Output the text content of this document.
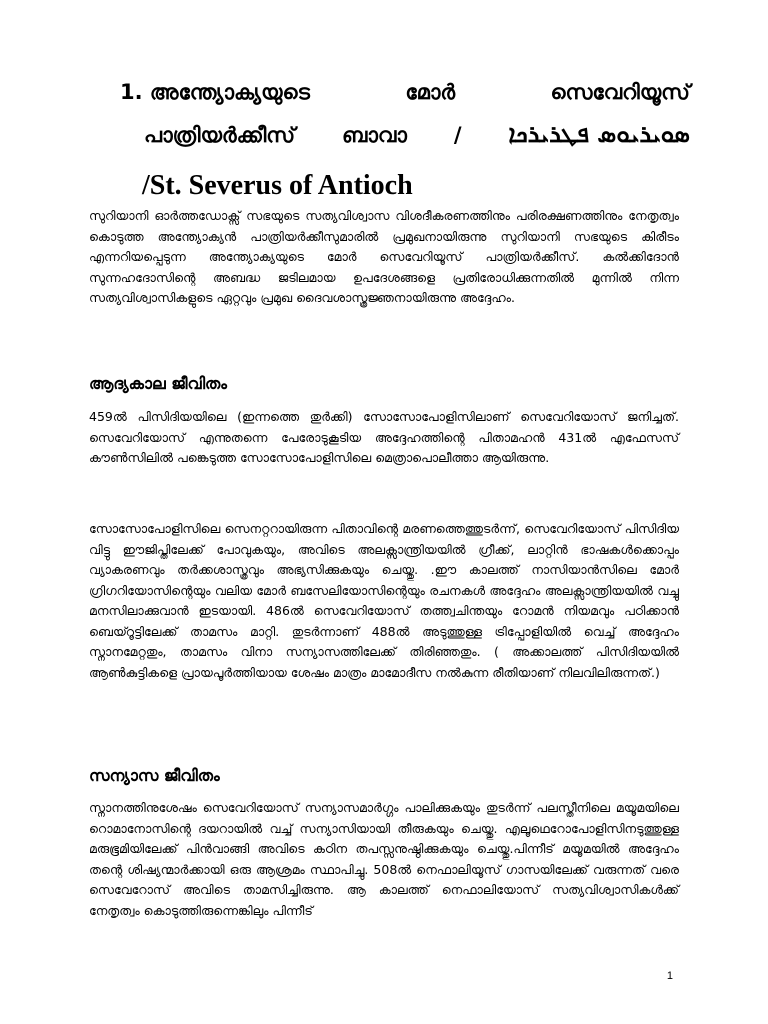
1. അന്ത്യോക്യയുടെ	മോർ	സെവേറിയൂസ്
പാത്രിയർക്കീസ് ബാവാ / ܣܘܝܪܝܘܣ ܦܛܪܝܪܟܐ
/St. Severus of Antioch

സുറിയാനി ഓർത്തഡോക്സ് സഭയുടെ സത്യവിശ്വാസ വിശദീകരണത്തിനും പരിരക്ഷണത്തിനും നേതൃത്വം കൊടുത്ത അന്ത്യോക്യൻ പാത്രിയർക്കീസുമാരിൽ പ്രമുഖനായിരുന്നു സുറിയാനി സഭയുടെ കിരീടം എന്നറിയപ്പെടുന്ന അന്ത്യോക്യയുടെ മോർ സെവേറിയൂസ് പാത്രിയർക്കീസ്. കൽക്കിദോൻ സുന്നഹദോസിന്റെ അബദ്ധ ജടിലമായ ഉപദേശങ്ങളെ പ്രതിരോധിക്കുന്നതിൽ മുന്നിൽ നിന്ന സത്യവിശ്വാസികളുടെ ഏറ്റവും പ്രമുഖ ദൈവശാസ്ത്രജ്ഞനായിരുന്നു അദ്ദേഹം.

ആദ്യകാല ജീവിതം

459ൽ പിസിദിയയിലെ (ഇന്നത്തെ തുർക്കി) സോസോപോളിസിലാണ് സെവേറിയോസ് ജനിച്ചത്. സെവേറിയോസ് എന്നുതന്നെ പേരോടുകൂടിയ അദ്ദേഹത്തിന്റെ പിതാമഹൻ 431ൽ എഫേസസ് കൗൺസിലിൽ പങ്കെടുത്ത സോസോപോളിസിലെ മെത്രാപൊലീത്താ ആയിരുന്നു.

സോസോപോളിസിലെ സെനറ്ററായിരുന്ന പിതാവിന്റെ മരണത്തെത്തുടർന്ന്, സെവേറിയോസ് പിസിദിയ വിട്ടു ഈജിപ്തിലേക്ക് പോവുകയും, അവിടെ അലക്സാന്ത്രിയയിൽ ഗ്രീക്ക്, ലാറ്റിൻ ഭാഷകൾക്കൊപ്പം വ്യാകരണവും തർക്കശാസ്ത്രവും അഭ്യസിക്കുകയും ചെയ്തു. .ഈ കാലത്ത് നാസിയാൻസിലെ മോർ ഗ്രിഗറിയോസിന്റെയും വലിയ മോർ ബസേലിയോസിന്റെയും രചനകൾ അദ്ദേഹം അലക്സാന്ത്രിയയിൽ വച്ചു മനസിലാക്കുവാൻ ഇടയായി. 486ൽ സെവേറിയോസ് തത്ത്വചിന്തയും റോമൻ നിയമവും പഠിക്കാൻ ബെയ്റൂട്ടിലേക്ക് താമസം മാറ്റി. തുടർന്നാണ് 488ൽ അടുത്തുള്ള ട്രിപ്പോളിയിൽ വെച്ച് അദ്ദേഹം സ്നാനമേറ്റതും, താമസം വിനാ സന്യാസത്തിലേക്ക് തിരിഞ്ഞതും. ( അക്കാലത്ത് പിസിദിയയിൽ ആൺകുട്ടികളെ പ്രായപൂർത്തിയായ ശേഷം മാത്രം മാമോദീസ നൽകുന്ന രീതിയാണ് നിലവിലിരുന്നത്.)

സന്യാസ ജീവിതം

സ്നാനത്തിനുശേഷം സെവേറിയോസ് സന്യാസമാർഗ്ഗം പാലിക്കുകയും തുടർന്ന് പലസ്തീനിലെ മയൂമയിലെ റൊമാനോസിന്റെ ദയറായിൽ വച്ച് സന്യാസിയായി തീരുകയും ചെയ്തു. എലൂഥെറോപോളിസിനടുത്തുള്ള മരുഭൂമിയിലേക്ക് പിൻവാങ്ങി അവിടെ കഠിന തപസ്സനുഷ്ഠിക്കുകയും ചെയ്തു.പിന്നീട് മയൂമയിൽ അദ്ദേഹം തന്റെ ശിഷ്യന്മാർക്കായി ഒരു ആശ്രമം സ്ഥാപിച്ചു. 508ൽ നെഫാലിയൂസ് ഗാസയിലേക്ക് വരുന്നത് വരെ സെവേറോസ് അവിടെ താമസിച്ചിരുന്നു. ആ കാലത്ത് നെഫാലിയോസ് സത്യവിശ്വാസികൾക്ക് നേതൃത്വം കൊടുത്തിരുന്നെങ്കിലും പിന്നീട്

1
